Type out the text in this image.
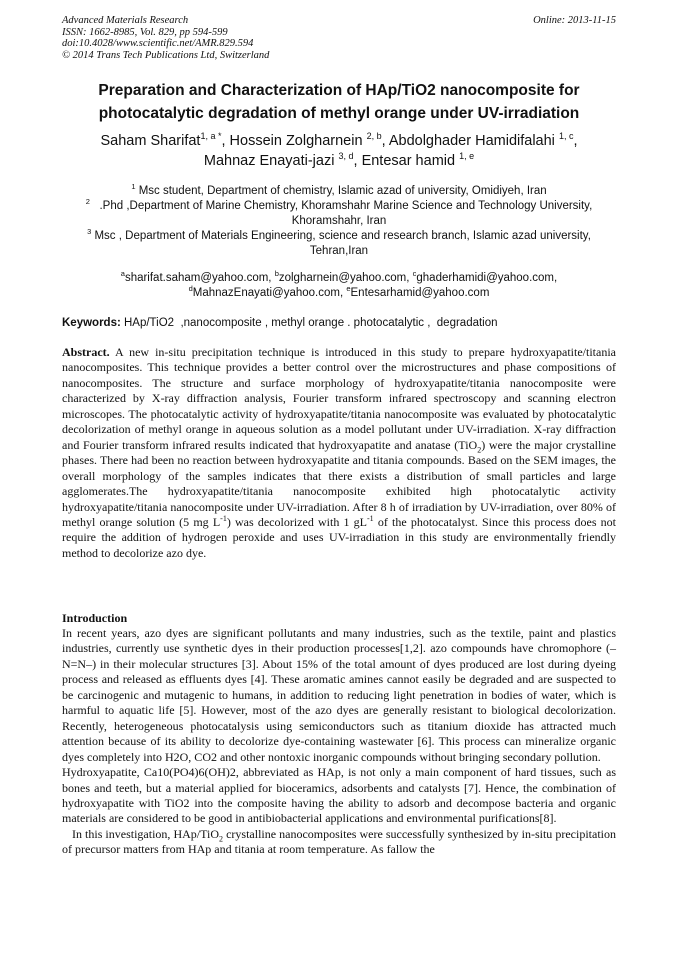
Advanced Materials Research
ISSN: 1662-8985, Vol. 829, pp 594-599
doi:10.4028/www.scientific.net/AMR.829.594
© 2014 Trans Tech Publications Ltd, Switzerland
Online: 2013-11-15
Preparation and Characterization of HAp/TiO2 nanocomposite for
photocatalytic degradation of methyl orange under UV-irradiation
Saham Sharifat$^{1, a *}$, Hossein Zolgharnein $^{2, b}$, Abdolghader Hamidifalahi $^{1, c}$,
Mahnaz Enayati-jazi $^{3, d}$, Entesar hamid $^{1, e}$
$^1$ Msc student, Department of chemistry, Islamic azad of university, Omidiyeh, Iran
$^2$ .Phd ,Department of Marine Chemistry, Khoramshahr Marine Science and Technology University, Khoramshahr, Iran
$^3$ Msc , Department of Materials Engineering, science and research branch, Islamic azad university, Tehran,Iran
$^a$sharifat.saham@yahoo.com, $^b$zolgharnein@yahoo.com, $^c$ghaderhamidi@yahoo.com,
$^d$MahnazEnayati@yahoo.com, $^e$Entesarhamid@yahoo.com
Keywords: HAp/TiO2  ,nanocomposite , methyl orange . photocatalytic ,  degradation

Abstract. A new in-situ precipitation technique is introduced in this study to prepare hydroxyapatite/titania nanocomposites. This technique provides a better control over the microstructures and phase compositions of nanocomposites. The structure and surface morphology of hydroxyapatite/titania nanocomposite were characterized by X-ray diffraction analysis, Fourier transform infrared spectroscopy and scanning electron microscopes. The photocatalytic activity of hydroxyapatite/titania nanocomposite was evaluated by photocatalytic decolorization of methyl orange in aqueous solution as a model pollutant under UV-irradiation. X-ray diffraction and Fourier transform infrared results indicated that hydroxyapatite and anatase (TiO$_2$) were the major crystalline phases. There had been no reaction between hydroxyapatite and titania compounds. Based on the SEM images, the overall morphology of the samples indicates that there exists a distribution of small particles and large agglomerates.The hydroxyapatite/titania nanocomposite exhibited high photocatalytic activity hydroxyapatite/titania nanocomposite under UV-irradiation. After 8 h of irradiation by UV-irradiation, over 80% of methyl orange solution (5 mg $L^{-1}$) was decolorized with 1 $gL^{-1}$ of the photocatalyst. Since this process does not require the addition of hydrogen peroxide and uses UV-irradiation in this study are environmentally friendly method to decolorize azo dye.

Introduction

In recent years, azo dyes are significant pollutants and many industries, such as the textile, paint and plastics industries, currently use synthetic dyes in their production processes[1,2]. azo compounds have chromophore (–N=N–) in their molecular structures [3]. About 15% of the total amount of dyes produced are lost during dyeing process and released as effluents dyes [4]. These aromatic amines cannot easily be degraded and are suspected to be carcinogenic and mutagenic to humans, in addition to reducing light penetration in bodies of water, which is harmful to aquatic life [5]. However, most of the azo dyes are generally resistant to biological decolorization. Recently, heterogeneous photocatalysis using semiconductors such as titanium dioxide has attracted much attention because of its ability to decolorize dye-containing wastewater [6]. This process can mineralize organic dyes completely into H2O, CO2 and other nontoxic inorganic compounds without bringing secondary pollution.

Hydroxyapatite, Ca10(PO4)6(OH)2, abbreviated as HAp, is not only a main component of hard tissues, such as bones and teeth, but a material applied for bioceramics, adsorbents and catalysts [7]. Hence, the combination of hydroxyapatite with TiO2 into the composite having the ability to adsorb and decompose bacteria and organic materials are considered to be good in antibiobacterial applications and environmental purifications[8].

In this investigation, HAp/TiO$_2$ crystalline nanocomposites were successfully synthesized by in-situ precipitation of precursor matters from HAp and titania at room temperature. As fallow the
